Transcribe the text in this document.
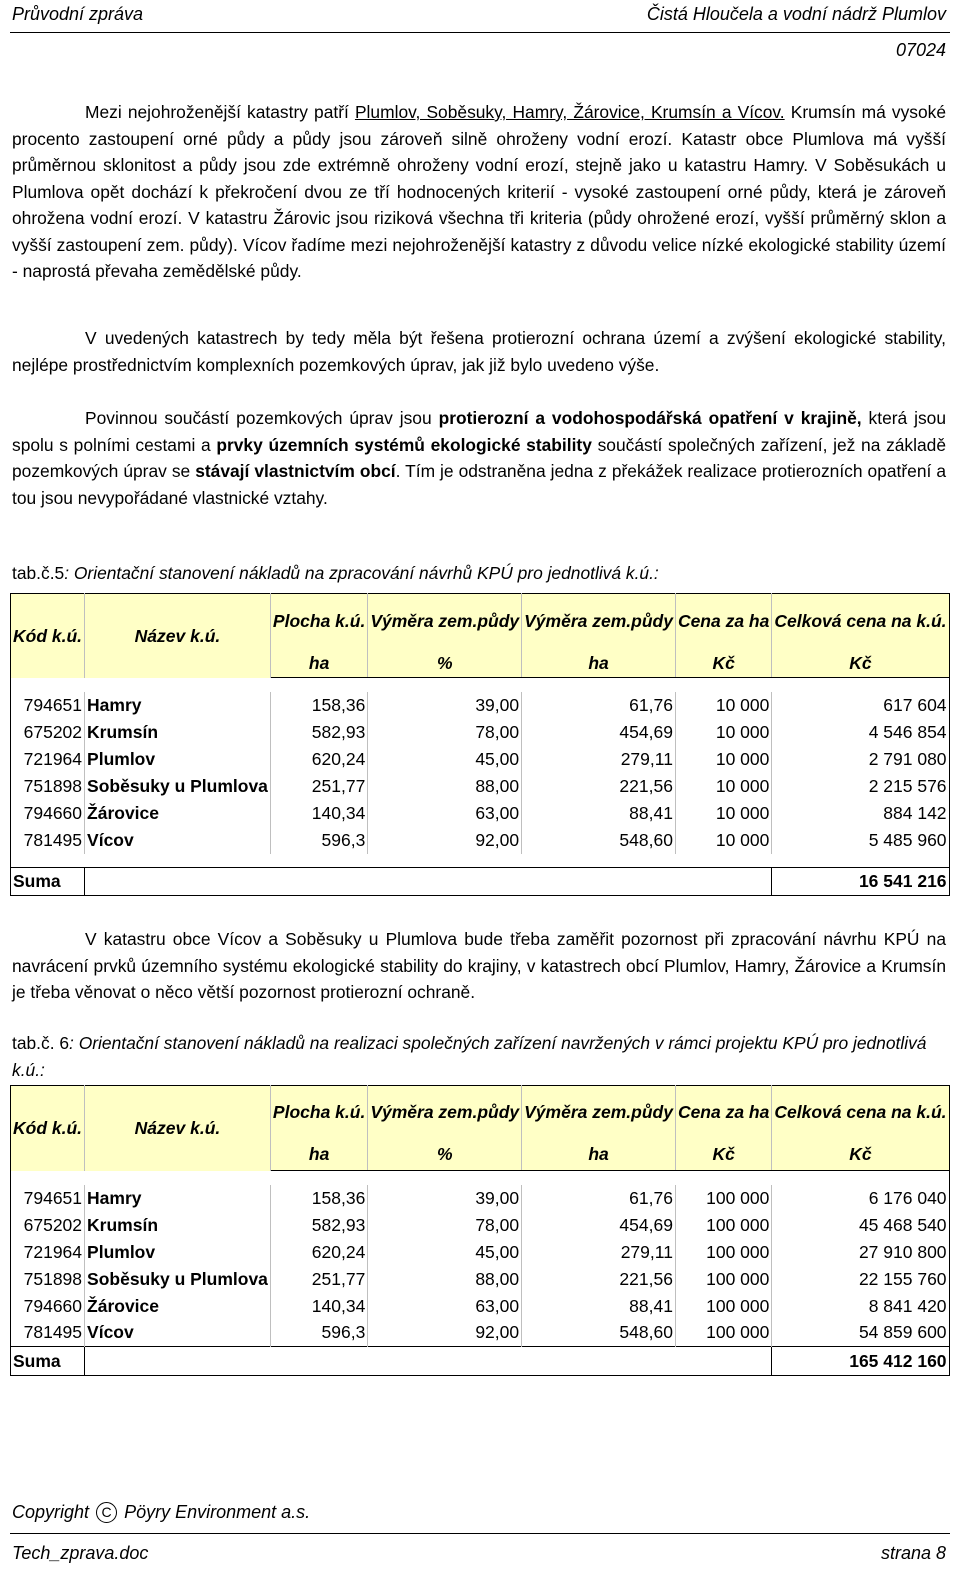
Průvodní zpráva	Čistá Hloučela a vodní nádrž Plumlov
07024
Mezi nejohroženější katastry patří Plumlov, Soběsuky, Hamry, Žárovice, Krumsín a Vícov. Krumsín má vysoké procento zastoupení orné půdy a půdy jsou zároveň silně ohroženy vodní erozí. Katastr obce Plumlova má vyšší průměrnou sklonitost a půdy jsou zde extrémně ohroženy vodní erozí, stejně jako u katastru Hamry. V Soběsukách u Plumlova opět dochází k překročení dvou ze tří hodnocených kriterií - vysoké zastoupení orné půdy, která je zároveň ohrožena vodní erozí. V katastru Žárovic jsou riziková všechna tři kriteria (půdy ohrožené erozí, vyšší průměrný sklon a vyšší zastoupení zem. půdy). Vícov řadíme mezi nejohroženější katastry z důvodu velice nízké ekologické stability území - naprostá převaha zemědělské půdy.
V uvedených katastrech by tedy měla být řešena protierozní ochrana území a zvýšení ekologické stability, nejlépe prostřednictvím komplexních pozemkových úprav, jak již bylo uvedeno výše.
Povinnou součástí pozemkových úprav jsou protierozní a vodohospodářská opatření v krajině, která jsou spolu s polními cestami a prvky územních systémů ekologické stability součástí společných zařízení, jež na základě pozemkových úprav se stávají vlastnictvím obcí. Tím je odstraněna jedna z překážek realizace protierozních opatření a tou jsou nevypořádané vlastnické vztahy.
tab.č.5: Orientační stanovení nákladů na zpracování návrhů KPÚ pro jednotlivá k.ú.:
Kód k.ú.	Název k.ú.	Plocha k.ú.	Výměra zem.půdy	Výměra zem.půdy	Cena za ha	Celková cena na k.ú.
		ha	%	ha	Kč	Kč

794651	Hamry	158,36	39,00	61,76	10 000	617 604
675202	Krumsín	582,93	78,00	454,69	10 000	4 546 854
721964	Plumlov	620,24	45,00	279,11	10 000	2 791 080
751898	Soběsuky u Plumlova	251,77	88,00	221,56	10 000	2 215 576
794660	Žárovice	140,34	63,00	88,41	10 000	884 142
781495	Vícov	596,3	92,00	548,60	10 000	5 485 960

Suma						16 541 216
V katastru obce Vícov a Soběsuky u Plumlova bude třeba zaměřit pozornost při zpracování návrhu KPÚ na navrácení prvků územního systému ekologické stability do krajiny, v katastrech obcí Plumlov, Hamry, Žárovice a Krumsín je třeba věnovat o něco větší pozornost protierozní ochraně.
tab.č. 6: Orientační stanovení nákladů na realizaci společných zařízení navržených v rámci projektu KPÚ pro jednotlivá k.ú.:
Kód k.ú.	Název k.ú.	Plocha k.ú.	Výměra zem.půdy	Výměra zem.půdy	Cena za ha	Celková cena na k.ú.
		ha	%	ha	Kč	Kč

794651	Hamry	158,36	39,00	61,76	100 000	6 176 040
675202	Krumsín	582,93	78,00	454,69	100 000	45 468 540
721964	Plumlov	620,24	45,00	279,11	100 000	27 910 800
751898	Soběsuky u Plumlova	251,77	88,00	221,56	100 000	22 155 760
794660	Žárovice	140,34	63,00	88,41	100 000	8 841 420
781495	Vícov	596,3	92,00	548,60	100 000	54 859 600
Suma						165 412 160
Copyright C Pöyry Environment a.s.
Tech_zprava.doc	strana 8
